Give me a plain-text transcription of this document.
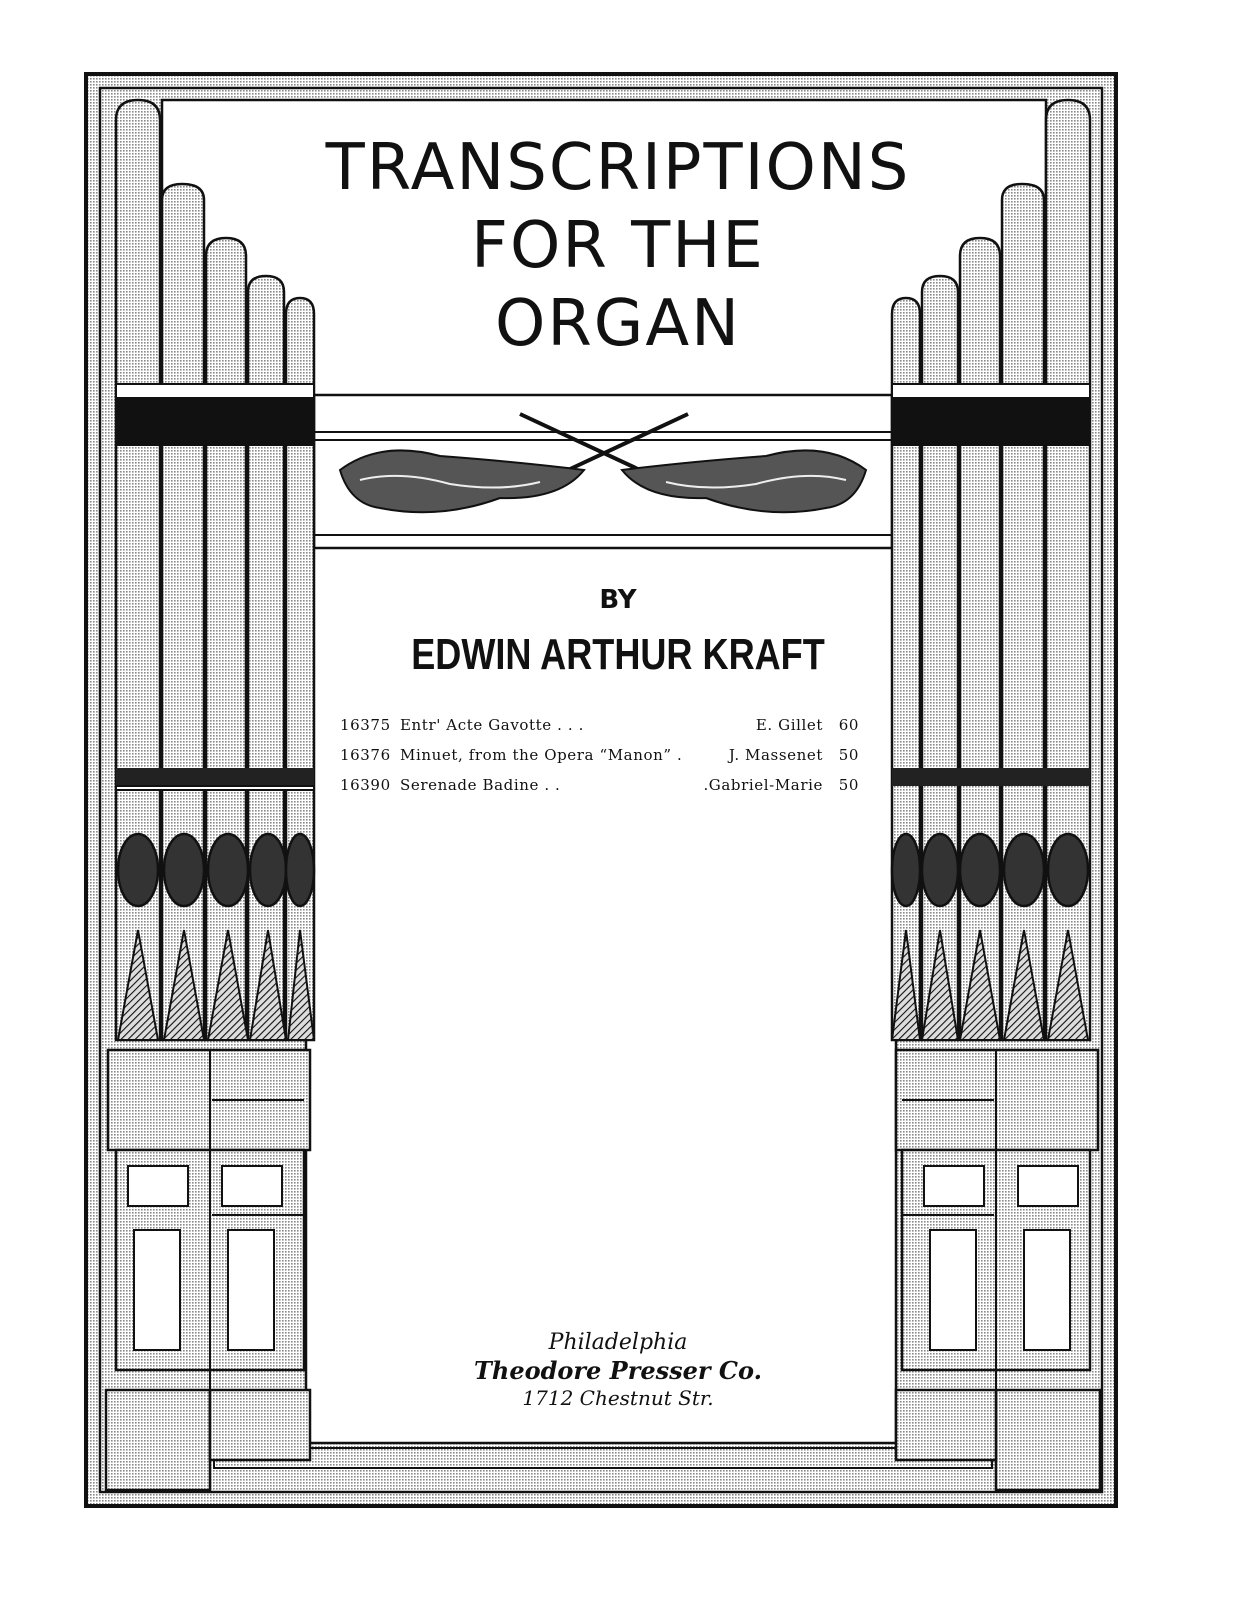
TRANSCRIPTIONS
FOR THE
ORGAN
BY
EDWIN ARTHUR KRAFT
16375 Entr' Acte Gavotte . . .	E. Gillet 60
16376 Minuet, from the Opera “Manon” .	J. Massenet 50
16390 Serenade Badine . .	.Gabriel-Marie 50
Philadelphia
Theodore Presser Co.
1712 Chestnut Str.
